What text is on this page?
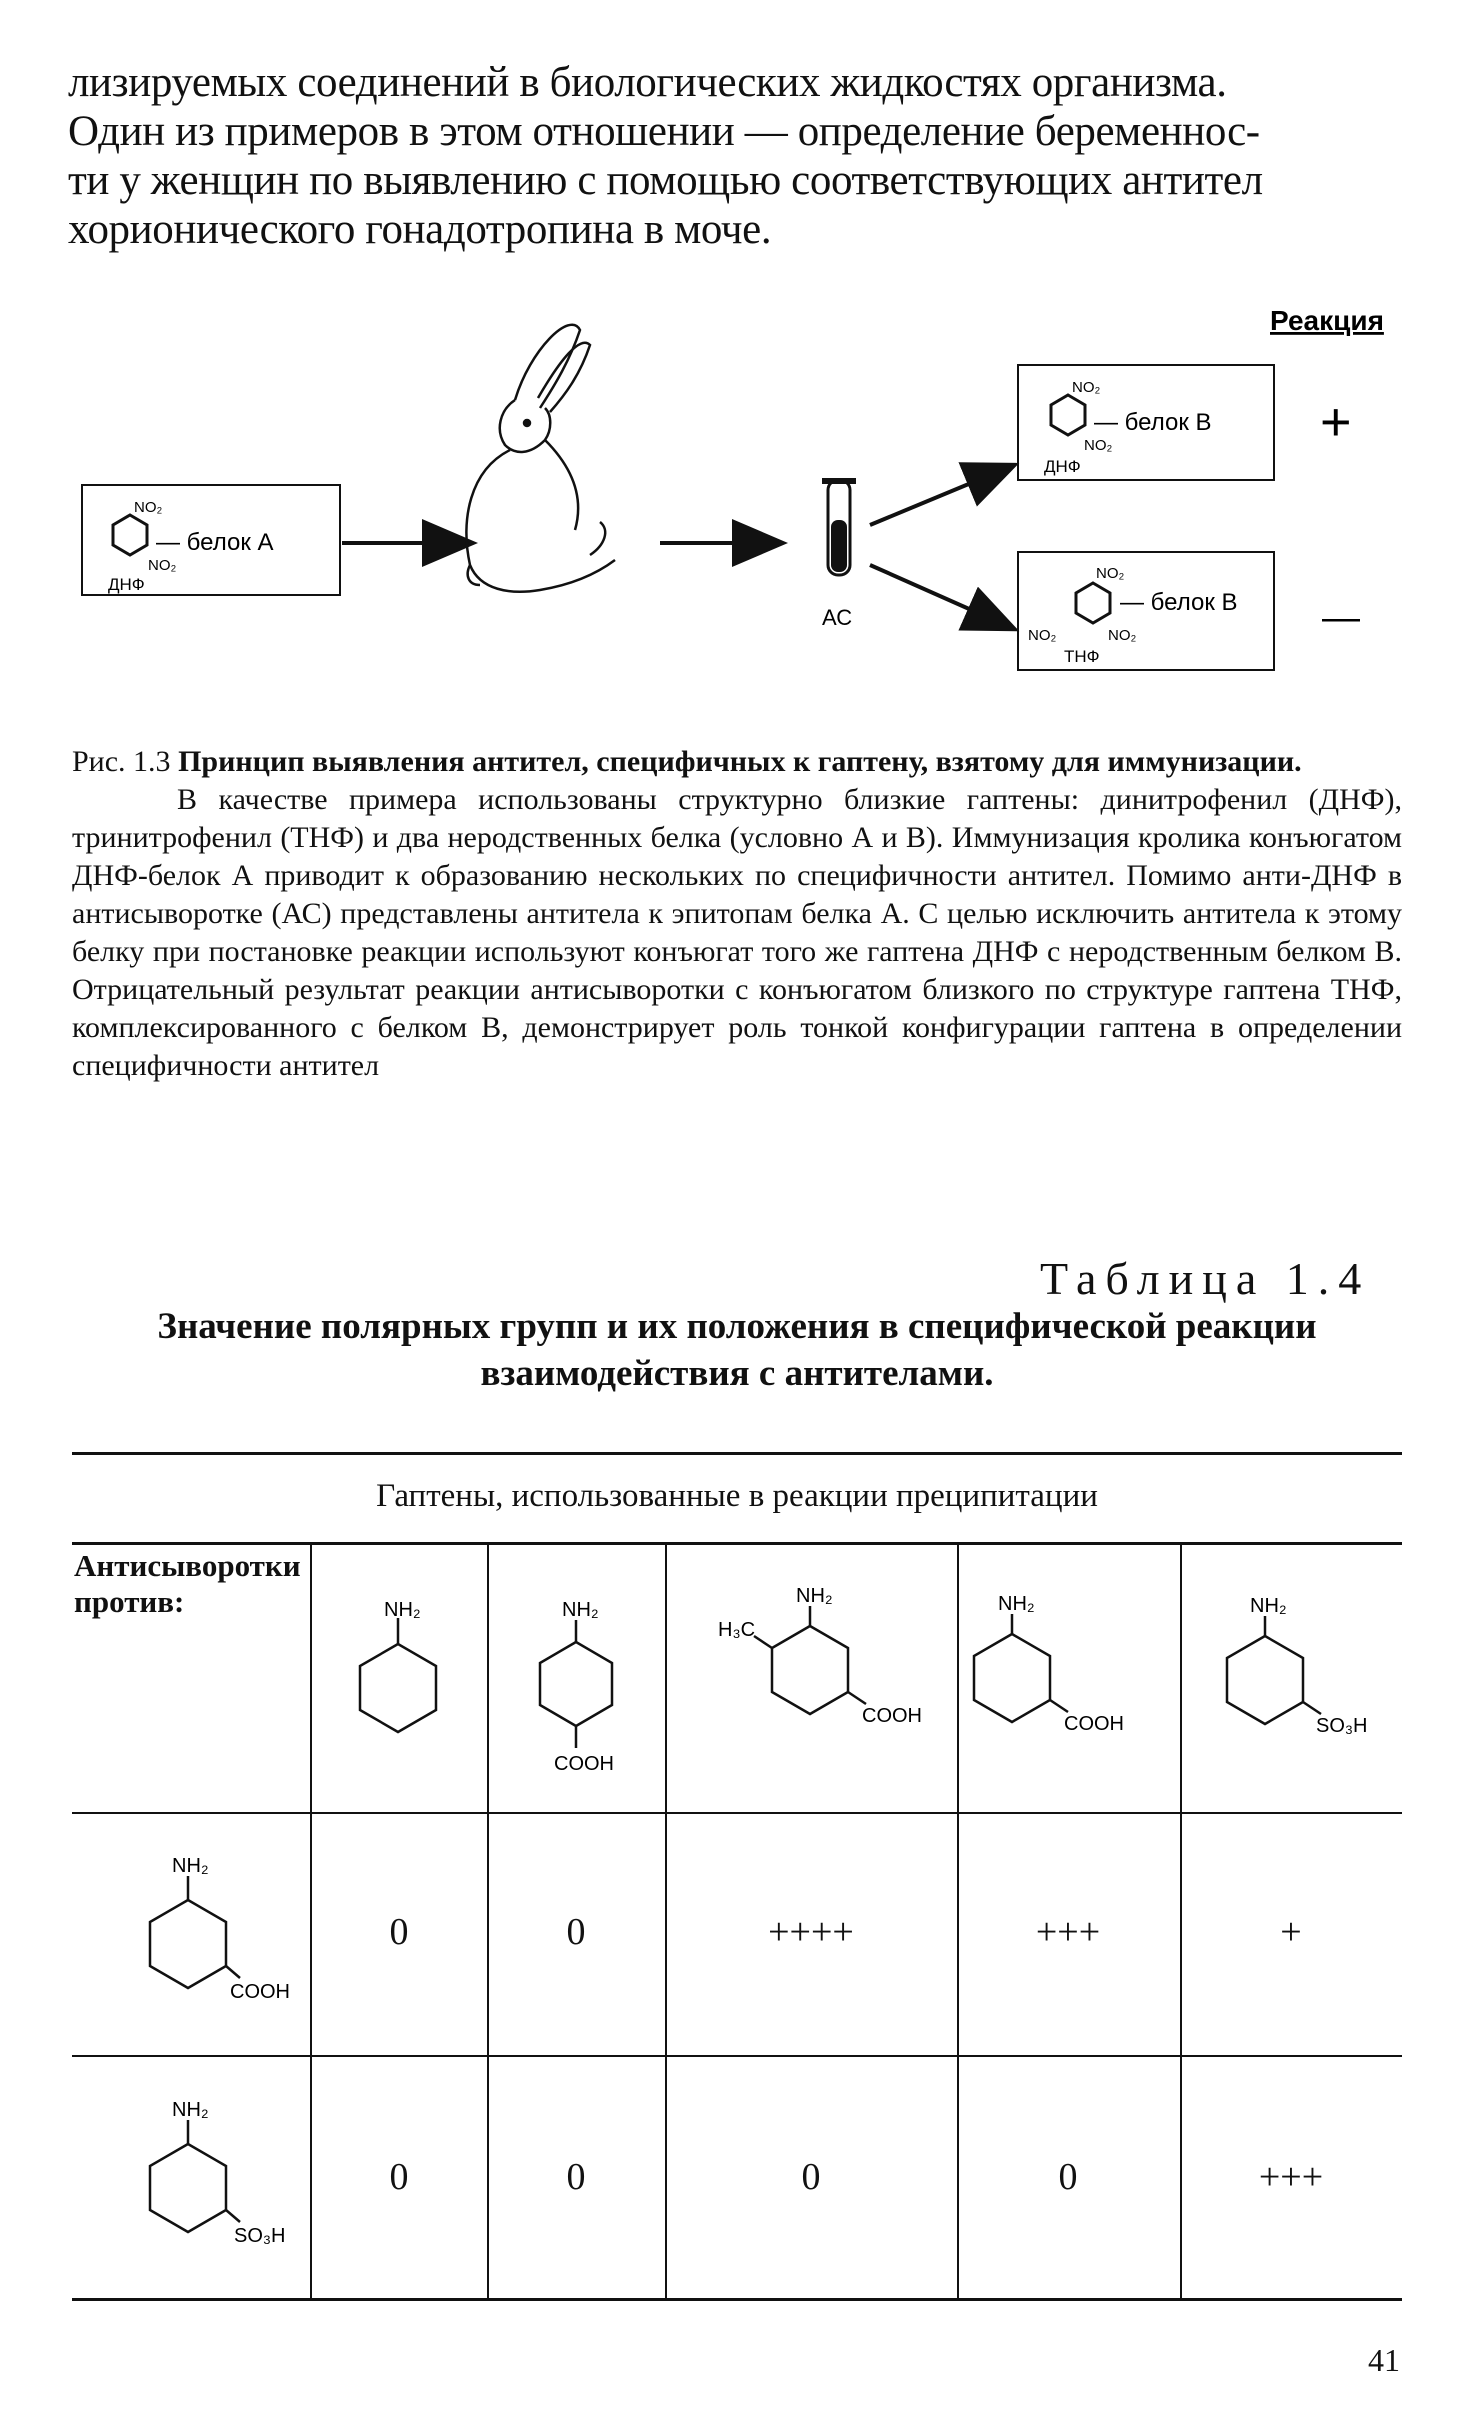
лизируемых соединений в биологических жидкостях организма.

Один из примеров в этом отношении — определение беременнос-

ти у женщин по выявлению с помощью соответствующих антител

хорионического гонадотропина в моче.

Реакция
NO₂
NO₂
— белок А
ДНФ
АС
NO₂
NO₂
— белок В
ДНФ
+
NO₂
NO₂	NO₂
— белок В
ТНФ
—

Рис. 1.3 Принцип выявления антител, специфичных к гаптену, взятому для иммунизации.

В качестве примера использованы структурно близкие гаптены: динитрофенил (ДНФ), тринитрофенил (ТНФ) и два неродственных белка (условно А и В). Иммунизация кролика конъюгатом ДНФ-белок А приводит к образованию нескольких по специфичности антител. Помимо анти-ДНФ в антисыворотке (АС) представлены антитела к эпитопам белка А. С целью исключить антитела к этому белку при постановке реакции используют конъюгат того же гаптена ДНФ с неродственным белком В. Отрицательный результат реакции антисыворотки с конъюгатом близкого по структуре гаптена ТНФ, комплексированного с белком В, демонстрирует роль тонкой конфигурации гаптена в определении специфичности антител

Таблица 1.4
Значение полярных групп и их положения в специфической реакции взаимодействия с антителами.
Гаптены, использованные в реакции преципитации
Антисыворотки против:	NH₂	NH₂
COOH
NH₂
H₃C
COOH
NH₂
COOH
NH₂
SO₃H
NH₂
COOH
NH₂
SO₃H
0	0	++++	+++	+
0	0	0	0	+++
41
